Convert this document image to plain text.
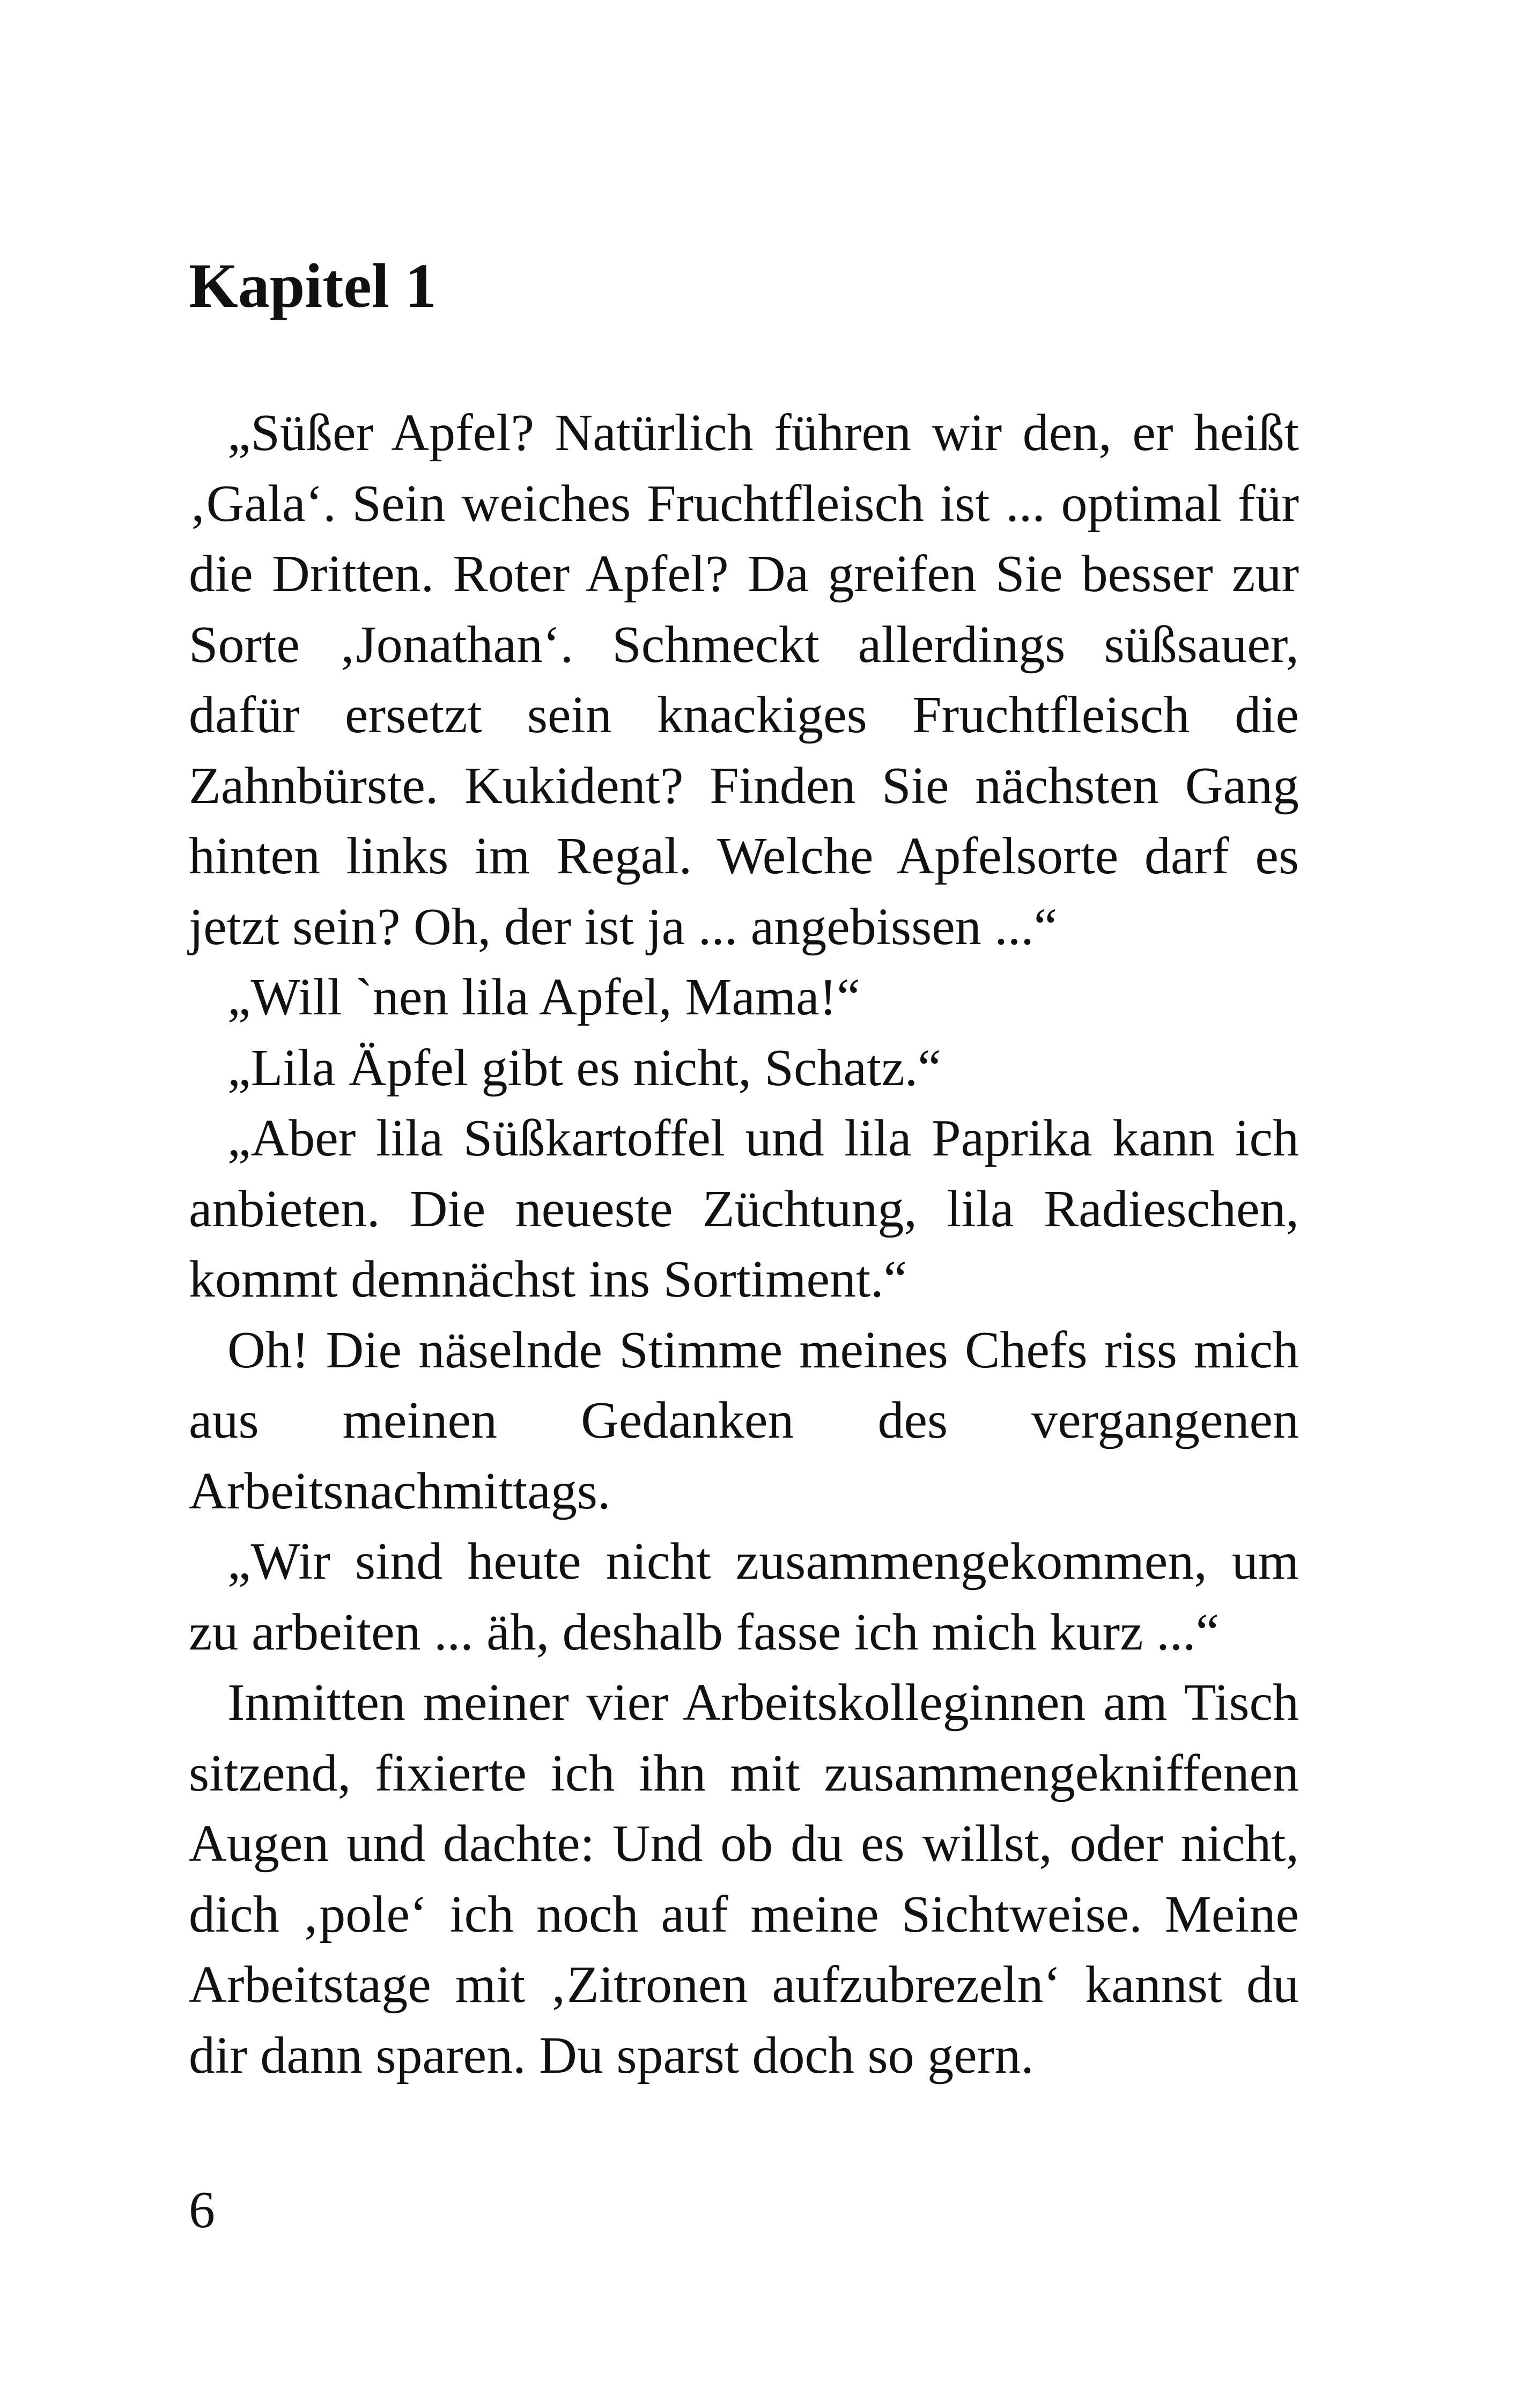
Kapitel 1

„Süßer Apfel? Natürlich führen wir den, er heißt ‚Gala‘. Sein weiches Fruchtfleisch ist ... optimal für die Dritten. Roter Apfel? Da greifen Sie besser zur Sorte ‚Jonathan‘. Schmeckt allerdings süßsauer, dafür ersetzt sein knackiges Fruchtfleisch die Zahnbürste. Kukident? Finden Sie nächsten Gang hinten links im Regal. Welche Apfelsorte darf es jetzt sein? Oh, der ist ja ... angebissen ...“

„Will `nen lila Apfel, Mama!“

„Lila Äpfel gibt es nicht, Schatz.“

„Aber lila Süßkartoffel und lila Paprika kann ich anbieten. Die neueste Züchtung, lila Radieschen, kommt demnächst ins Sortiment.“

Oh! Die näselnde Stimme meines Chefs riss mich aus meinen Gedanken des vergangenen Arbeitsnachmittags.

„Wir sind heute nicht zusammengekommen, um zu arbeiten ... äh, deshalb fasse ich mich kurz ...“

Inmitten meiner vier Arbeitskolleginnen am Tisch sitzend, fixierte ich ihn mit zusammengekniffenen Augen und dachte: Und ob du es willst, oder nicht, dich ‚pole‘ ich noch auf meine Sichtweise. Meine Arbeitstage mit ‚Zitronen aufzubrezeln‘ kannst du dir dann sparen. Du sparst doch so gern.

6
